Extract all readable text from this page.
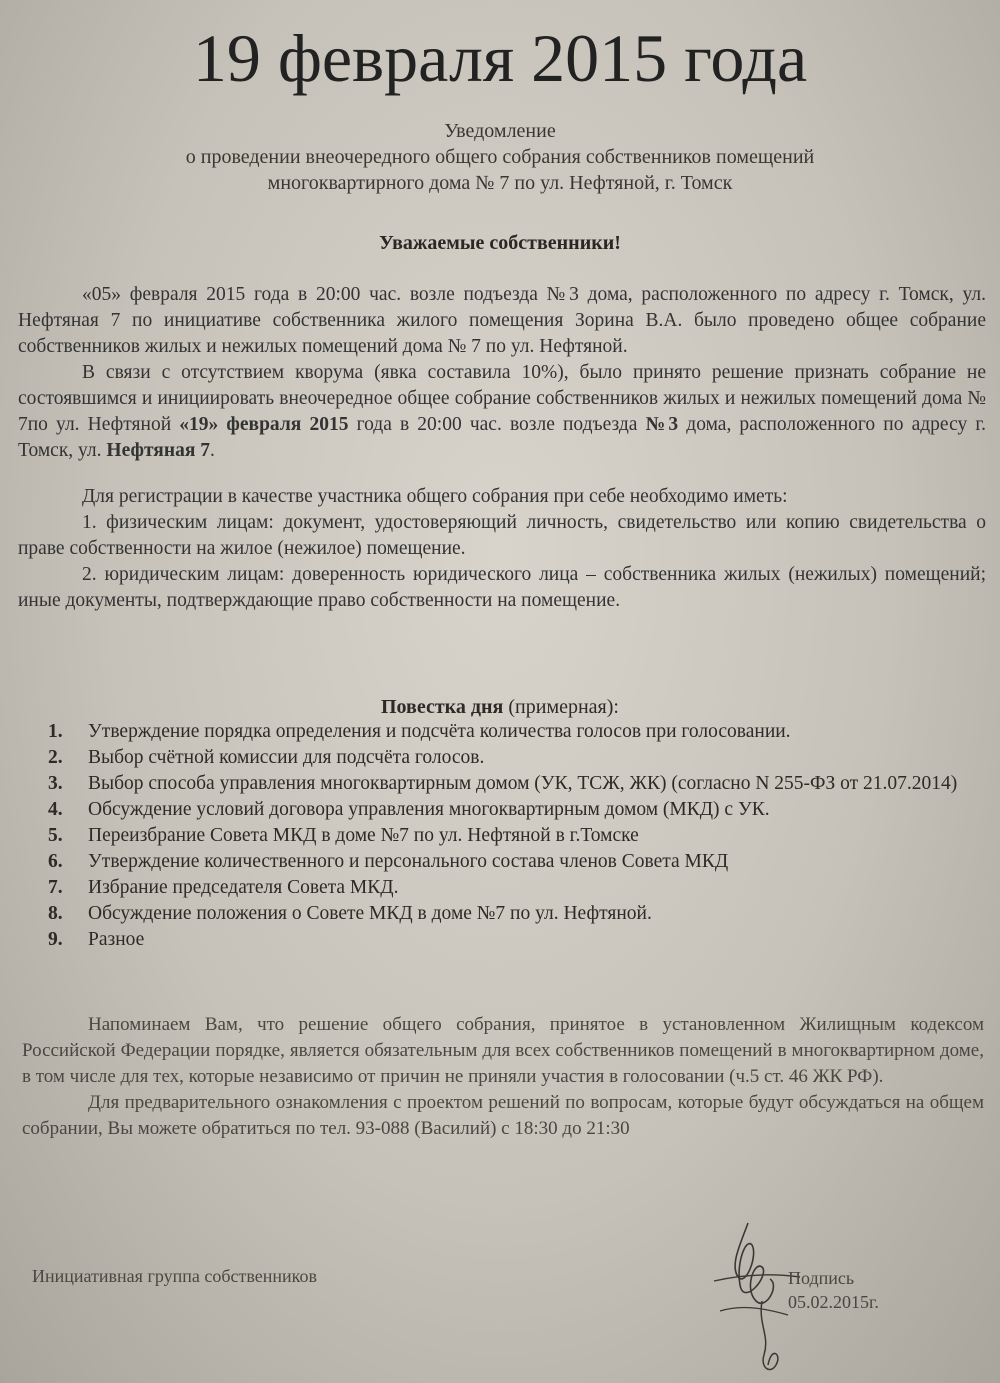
19 февраля 2015 года
Уведомление
о проведении внеочередного общего собрания собственников помещений
многоквартирного дома № 7 по ул. Нефтяной, г. Томск
Уважаемые собственники!

«05» февраля 2015 года в 20:00 час. возле подъезда №3 дома, расположенного по адресу г. Томск, ул. Нефтяная 7 по инициативе собственника жилого помещения Зорина В.А. было проведено общее собрание собственников жилых и нежилых помещений дома № 7 по ул. Нефтяной.

В связи с отсутствием кворума (явка составила 10%), было принято решение признать собрание не состоявшимся и инициировать внеочередное общее собрание собственников жилых и нежилых помещений дома № 7по ул. Нефтяной «19» февраля 2015 года в 20:00 час. возле подъезда №3 дома, расположенного по адресу г. Томск, ул. Нефтяная 7.

Для регистрации в качестве участника общего собрания при себе необходимо иметь:

1. физическим лицам: документ, удостоверяющий личность, свидетельство или копию свидетельства о праве собственности на жилое (нежилое) помещение.

2. юридическим лицам: доверенность юридического лица – собственника жилых (нежилых) помещений; иные документы, подтверждающие право собственности на помещение.

Повестка дня (примерная):
1.	Утверждение порядка определения и подсчёта количества голосов при голосовании.
2.	Выбор счётной комиссии для подсчёта голосов.
3.	Выбор способа управления многоквартирным домом (УК, ТСЖ, ЖК) (согласно N 255-ФЗ от 21.07.2014)
4.	Обсуждение условий договора управления многоквартирным домом (МКД) с УК.
5.	Переизбрание Совета МКД в доме №7 по ул. Нефтяной в г.Томске
6.	Утверждение количественного и персонального состава членов Совета МКД
7.	Избрание председателя Совета МКД.
8.	Обсуждение положения о Совете МКД в доме №7 по ул. Нефтяной.
9.	Разное

Напоминаем Вам, что решение общего собрания, принятое в установленном Жилищным кодексом Российской Федерации порядке, является обязательным для всех собственников помещений в многоквартирном доме, в том числе для тех, которые независимо от причин не приняли участия в голосовании (ч.5 ст. 46 ЖК РФ).

Для предварительного ознакомления с проектом решений по вопросам, которые будут обсуждаться на общем собрании, Вы можете обратиться по тел. 93-088 (Василий) с 18:30 до 21:30

Инициативная группа собственников	Подпись
05.02.2015г.
